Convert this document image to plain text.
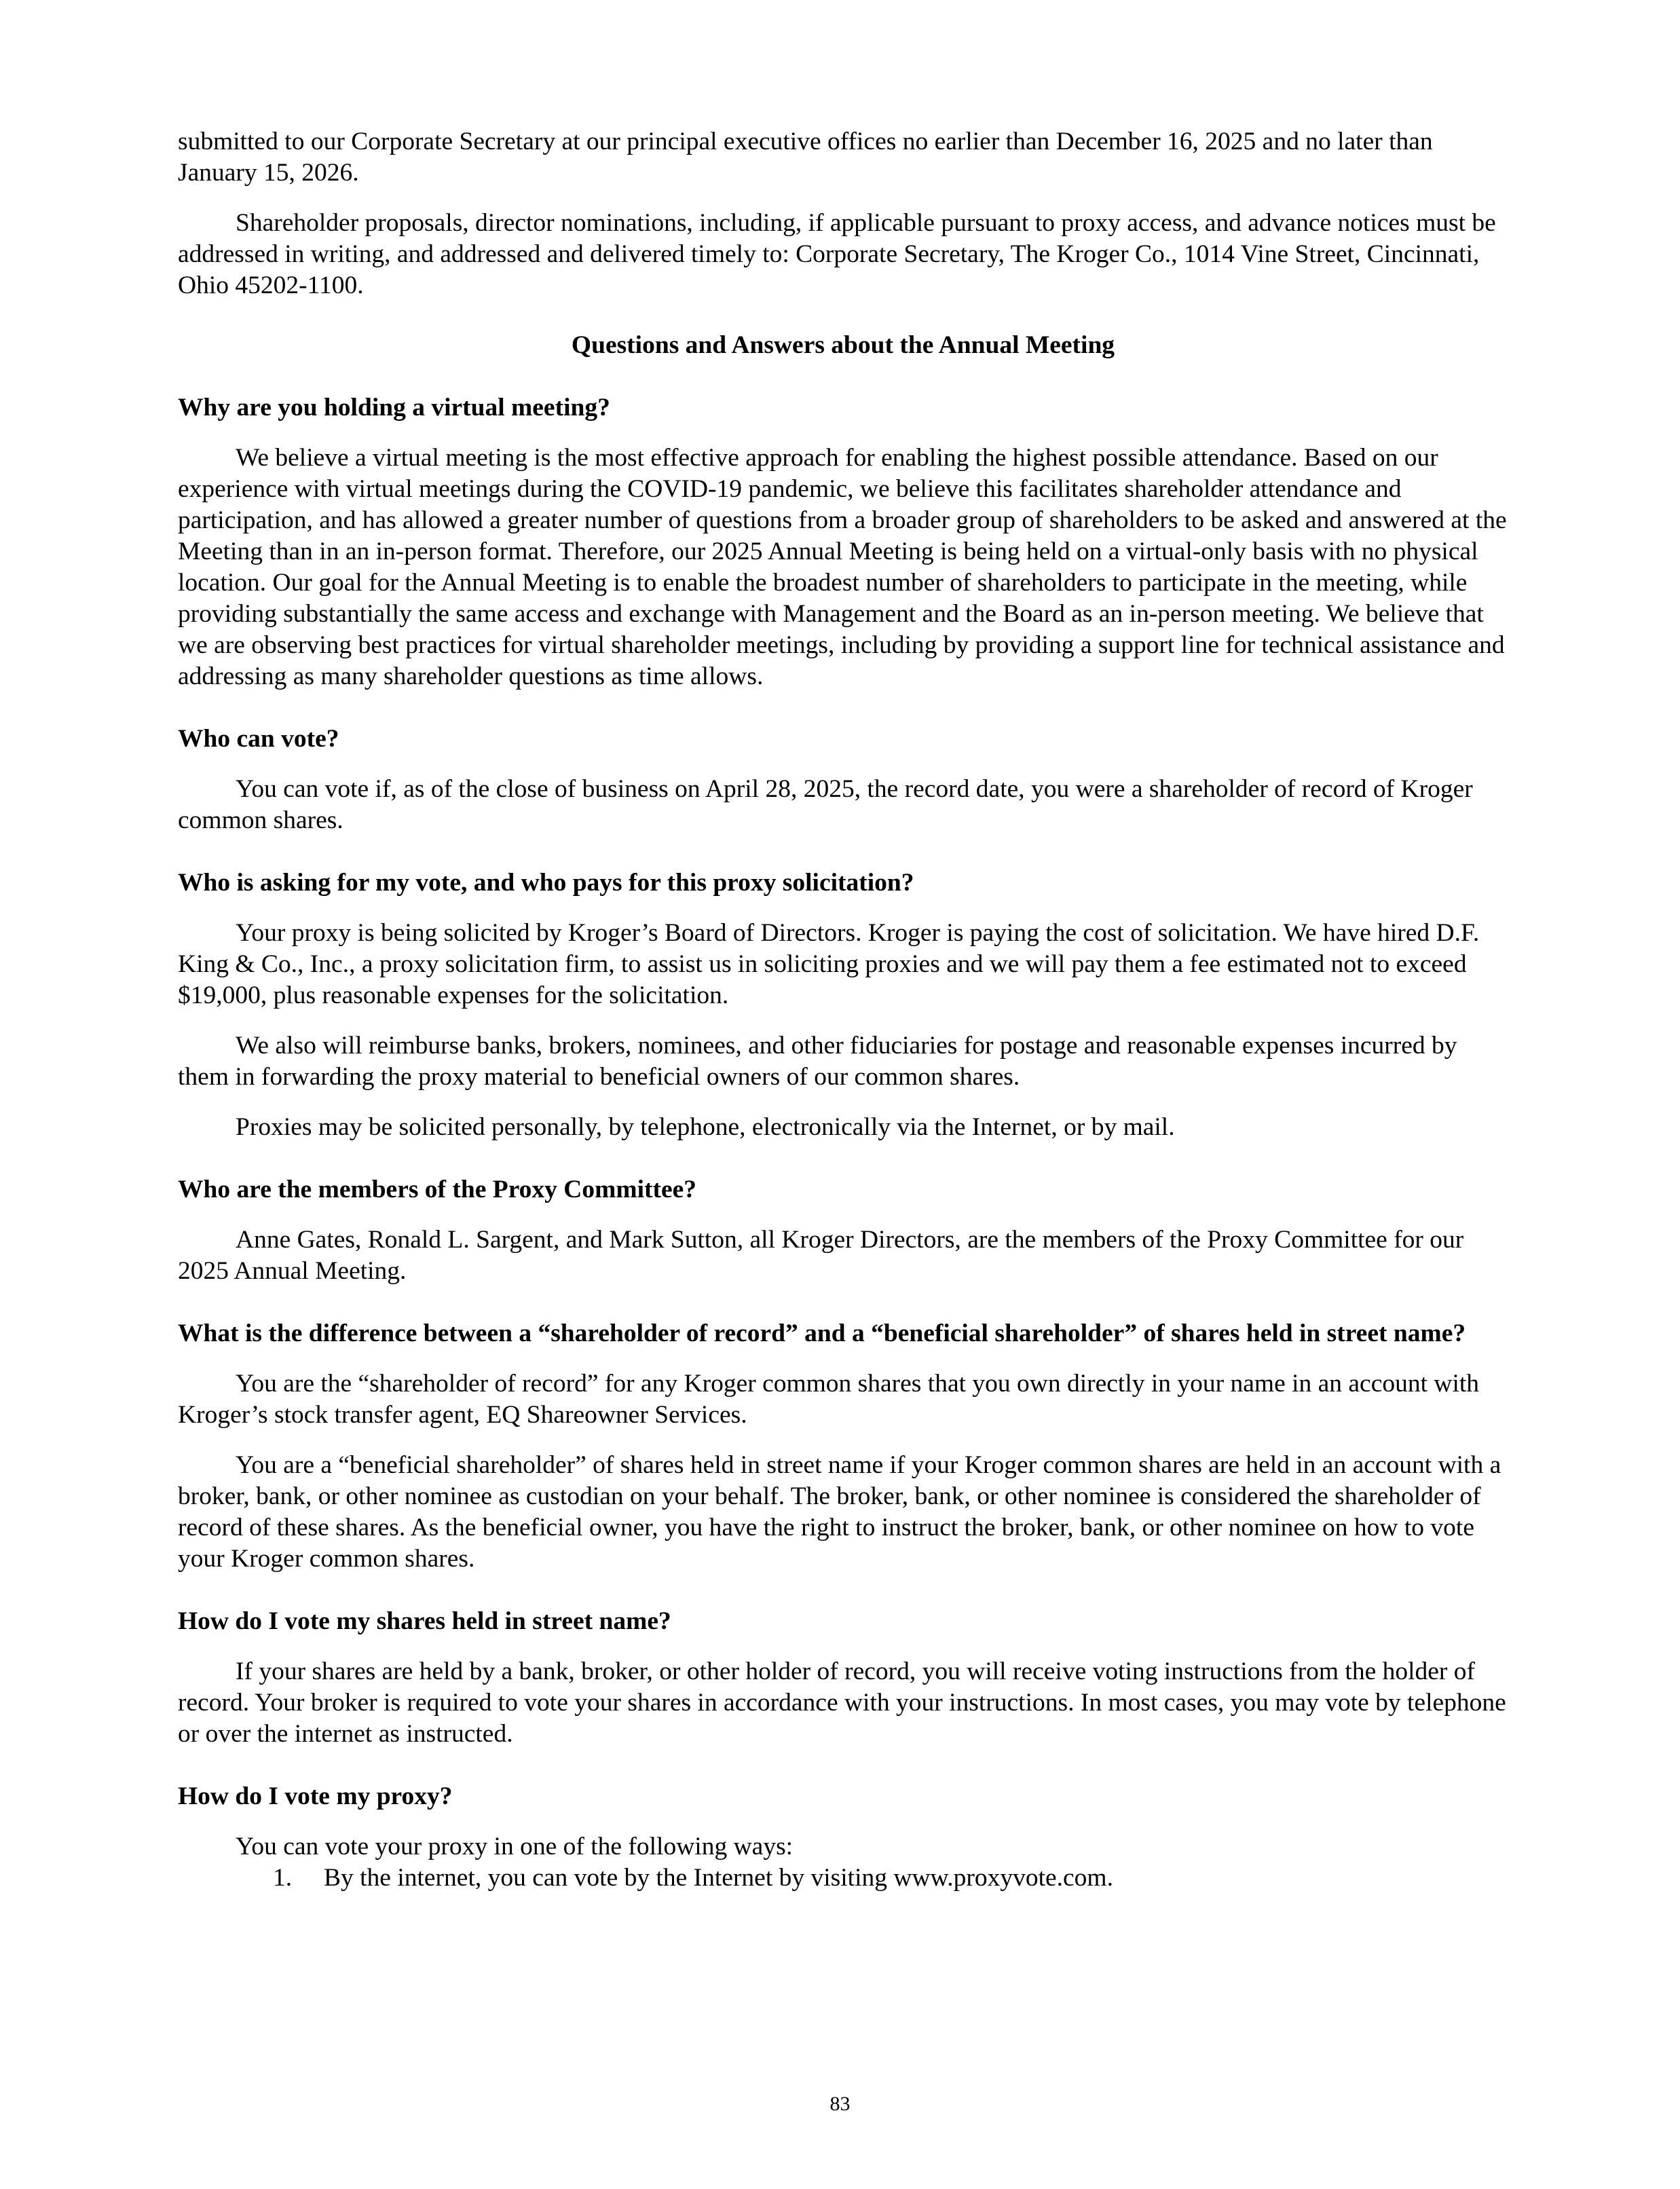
submitted to our Corporate Secretary at our principal executive offices no earlier than December 16, 2025 and no later than January 15, 2026.

Shareholder proposals, director nominations, including, if applicable pursuant to proxy access, and advance notices must be addressed in writing, and addressed and delivered timely to: Corporate Secretary, The Kroger Co., 1014 Vine Street, Cincinnati, Ohio 45202-1100.

Questions and Answers about the Annual Meeting
Why are you holding a virtual meeting?

We believe a virtual meeting is the most effective approach for enabling the highest possible attendance. Based on our experience with virtual meetings during the COVID-19 pandemic, we believe this facilitates shareholder attendance and participation, and has allowed a greater number of questions from a broader group of shareholders to be asked and answered at the Meeting than in an in-person format. Therefore, our 2025 Annual Meeting is being held on a virtual-only basis with no physical location. Our goal for the Annual Meeting is to enable the broadest number of shareholders to participate in the meeting, while providing substantially the same access and exchange with Management and the Board as an in-person meeting. We believe that we are observing best practices for virtual shareholder meetings, including by providing a support line for technical assistance and addressing as many shareholder questions as time allows.

Who can vote?

You can vote if, as of the close of business on April 28, 2025, the record date, you were a shareholder of record of Kroger common shares.

Who is asking for my vote, and who pays for this proxy solicitation?

Your proxy is being solicited by Kroger’s Board of Directors. Kroger is paying the cost of solicitation. We have hired D.F. King & Co., Inc., a proxy solicitation firm, to assist us in soliciting proxies and we will pay them a fee estimated not to exceed $19,000, plus reasonable expenses for the solicitation.

We also will reimburse banks, brokers, nominees, and other fiduciaries for postage and reasonable expenses incurred by them in forwarding the proxy material to beneficial owners of our common shares.

Proxies may be solicited personally, by telephone, electronically via the Internet, or by mail.

Who are the members of the Proxy Committee?

Anne Gates, Ronald L. Sargent, and Mark Sutton, all Kroger Directors, are the members of the Proxy Committee for our 2025 Annual Meeting.

What is the difference between a “shareholder of record” and a “beneficial shareholder” of shares held in street name?

You are the “shareholder of record” for any Kroger common shares that you own directly in your name in an account with Kroger’s stock transfer agent, EQ Shareowner Services.

You are a “beneficial shareholder” of shares held in street name if your Kroger common shares are held in an account with a broker, bank, or other nominee as custodian on your behalf. The broker, bank, or other nominee is considered the shareholder of record of these shares. As the beneficial owner, you have the right to instruct the broker, bank, or other nominee on how to vote your Kroger common shares.

How do I vote my shares held in street name?

If your shares are held by a bank, broker, or other holder of record, you will receive voting instructions from the holder of record. Your broker is required to vote your shares in accordance with your instructions. In most cases, you may vote by telephone or over the internet as instructed.

How do I vote my proxy?

You can vote your proxy in one of the following ways:

1. By the internet, you can vote by the Internet by visiting www.proxyvote.com.
83
